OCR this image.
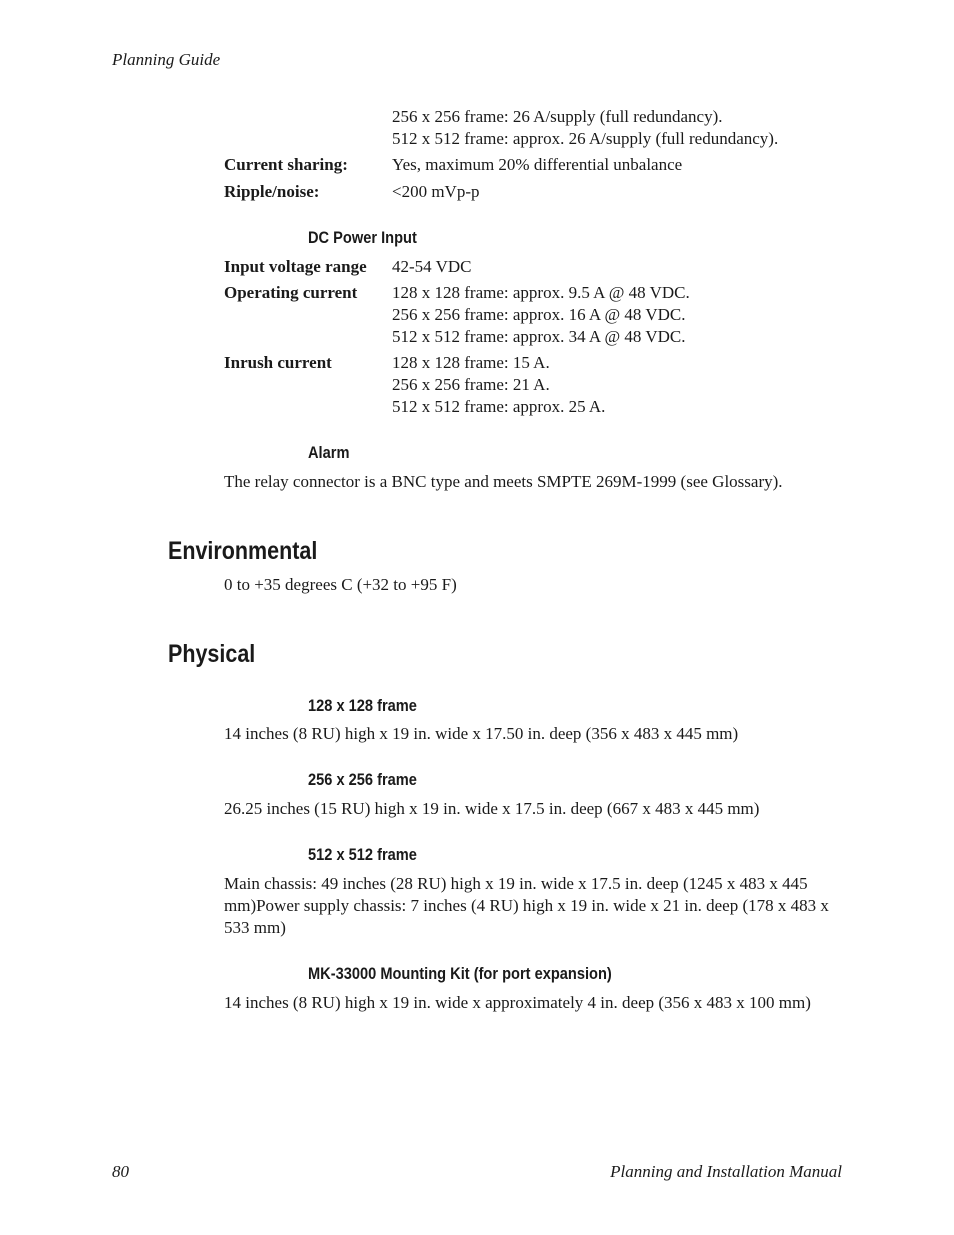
Planning Guide
256 x 256 frame: 26 A/supply (full redundancy).
512 x 512 frame: approx. 26 A/supply (full redundancy).
Current sharing:	Yes, maximum 20% differential unbalance
Ripple/noise:	<200 mVp-p
DC Power Input
Input voltage range	42-54 VDC
Operating current	128 x 128 frame: approx. 9.5 A @ 48 VDC.
256 x 256 frame: approx. 16 A @ 48 VDC.
512 x 512 frame: approx. 34 A @ 48 VDC.
Inrush current	128 x 128 frame: 15 A.
256 x 256 frame: 21 A.
512 x 512 frame: approx. 25 A.
Alarm
The relay connector is a BNC type and meets SMPTE 269M-1999 (see Glossary).
Environmental
0 to +35 degrees C (+32 to +95 F)
Physical
128 x 128 frame
14 inches (8 RU) high x 19 in. wide x 17.50 in. deep (356 x 483 x 445 mm)
256 x 256 frame
26.25 inches (15 RU) high x 19 in. wide x 17.5 in. deep (667 x 483 x 445 mm)
512 x 512 frame
Main chassis: 49 inches (28 RU) high x 19 in. wide x 17.5 in. deep (1245 x 483 x 445 mm)Power supply chassis: 7 inches (4 RU) high x 19 in. wide x 21 in. deep (178 x 483 x 533 mm)
MK-33000 Mounting Kit (for port expansion)
14 inches (8 RU) high x 19 in. wide x approximately 4 in. deep (356 x 483 x 100 mm)
80	Planning and Installation Manual
